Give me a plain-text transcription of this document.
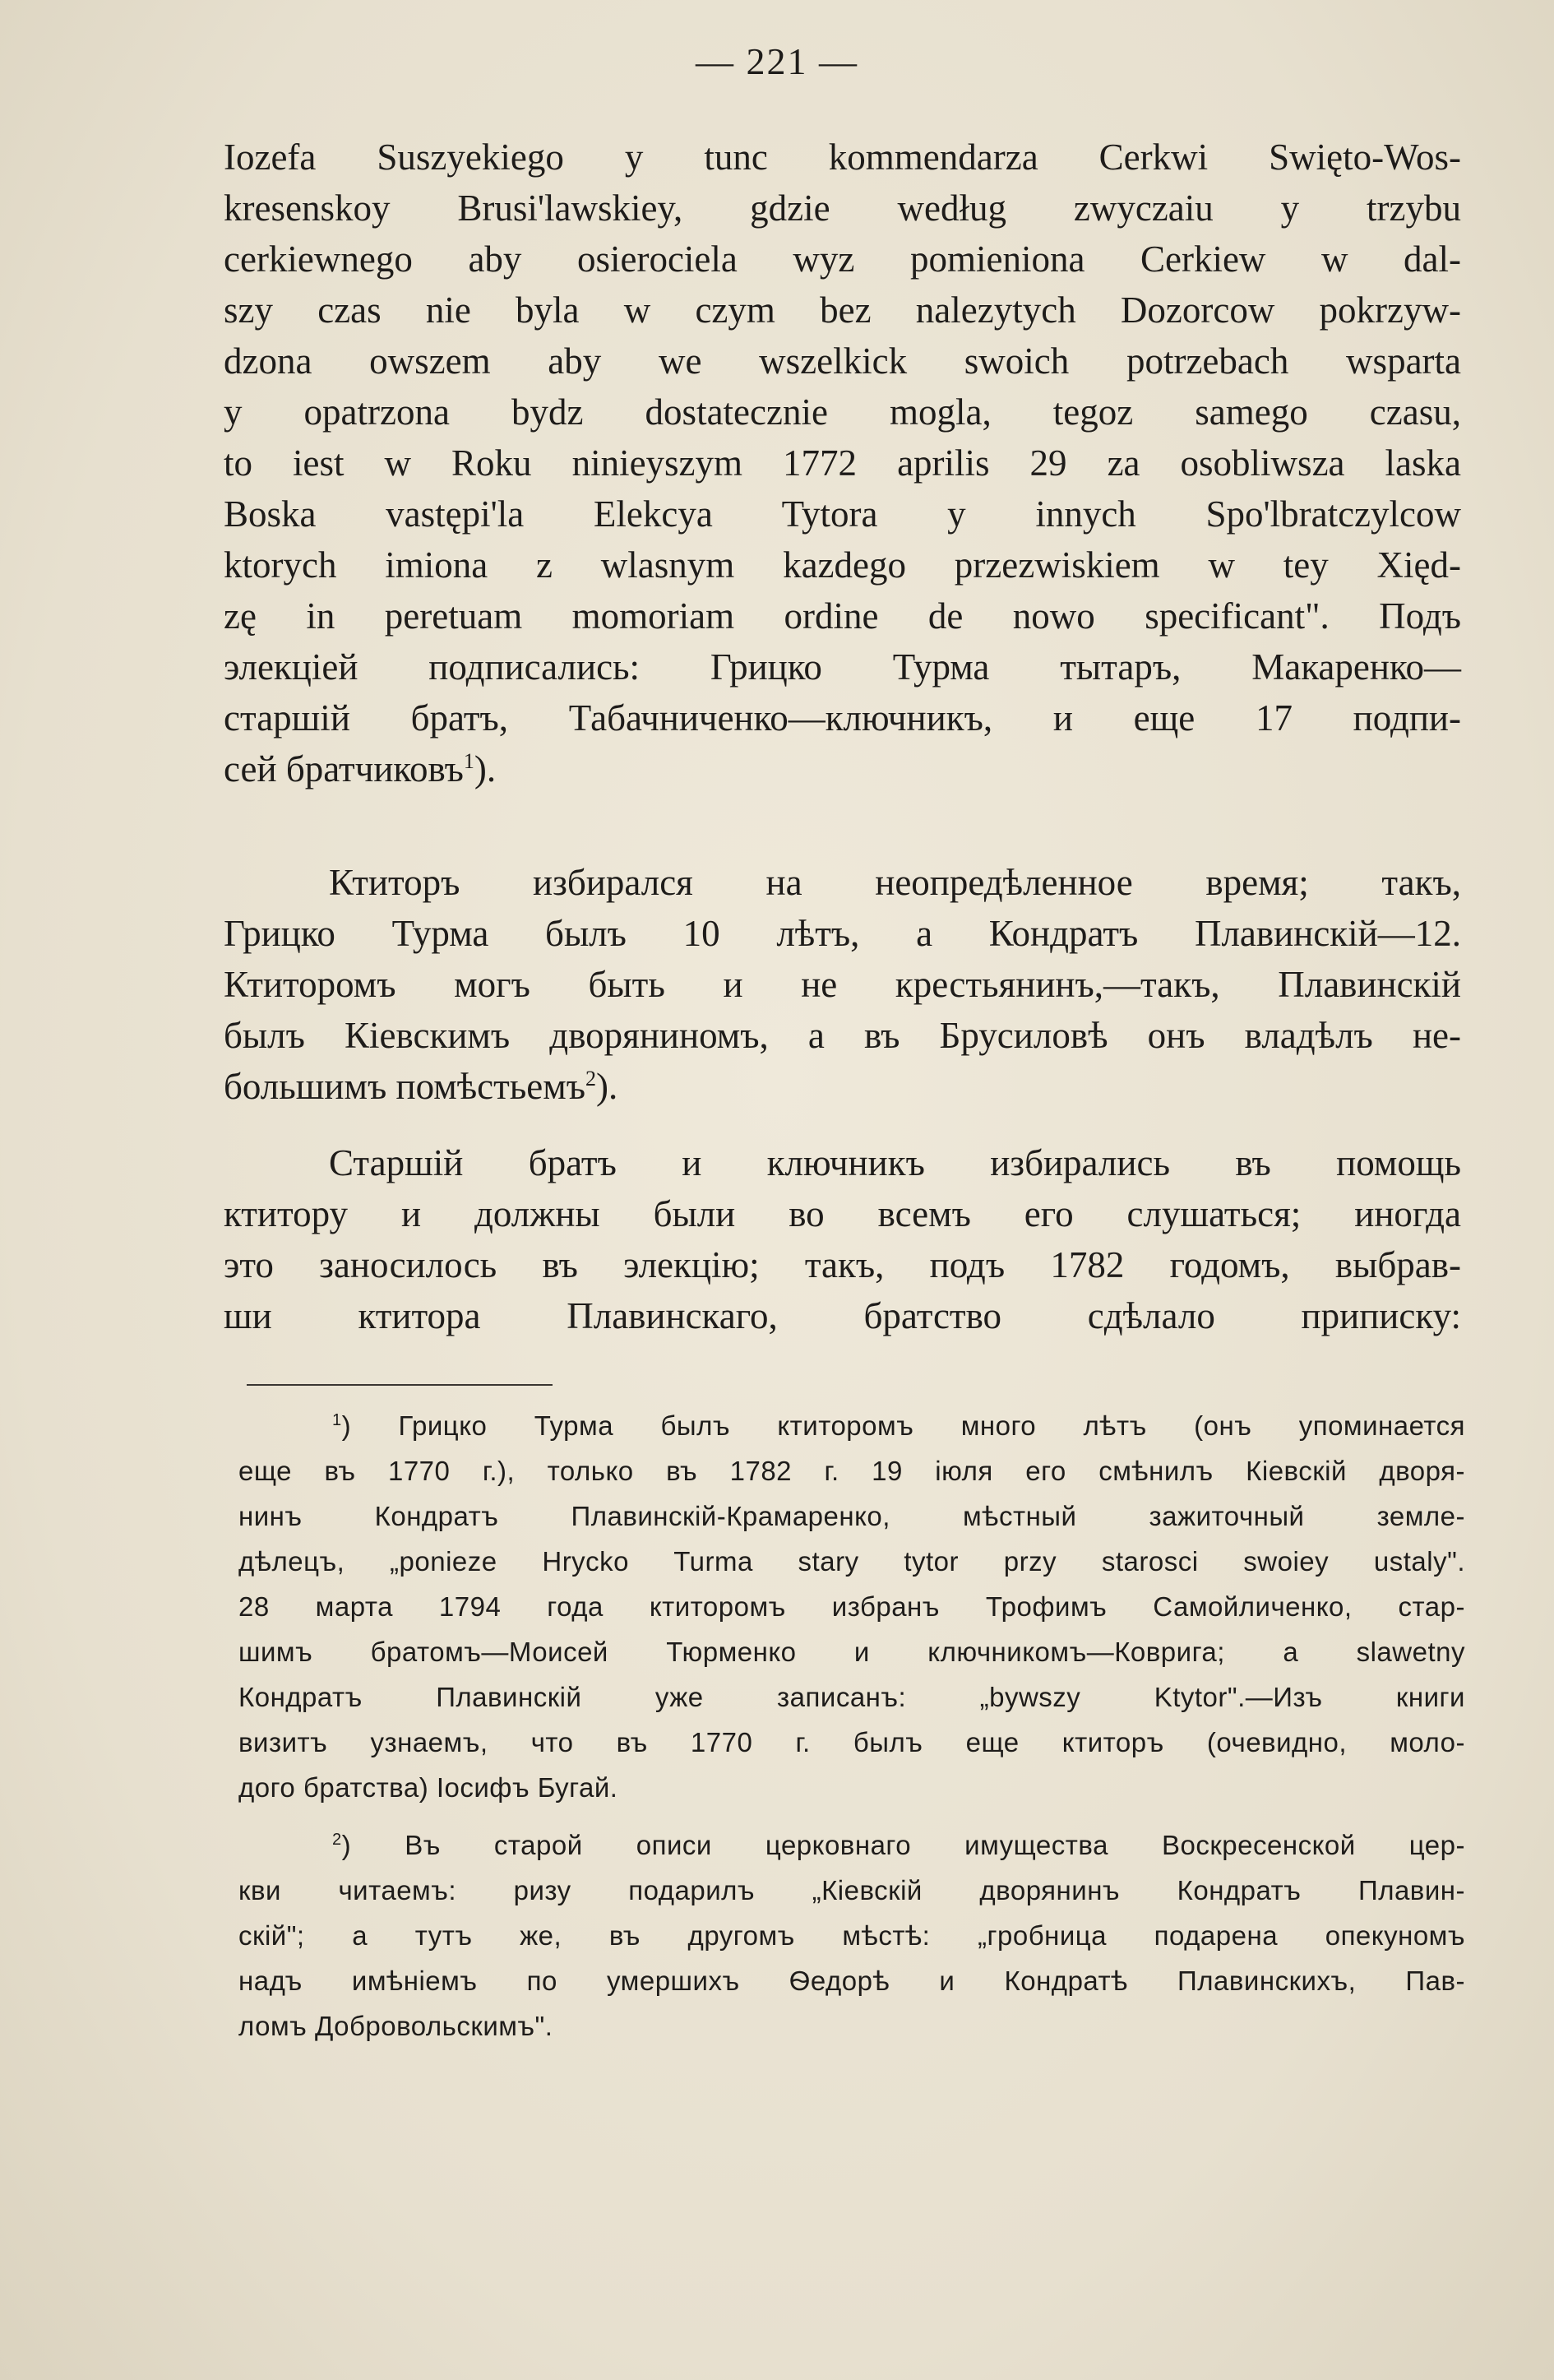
— 221 —

Iozefa Suszyekiego y tunc kommendarza Cerkwi Swięto-Wos-

kresenskoy Brusi'lawskiey, gdzie według zwyczaiu y trzybu

cerkiewnego aby osierociela wyz pomieniona Cerkiew w dal-

szy czas nie byla w czym bez nalezytych Dozorcow pokrzyw-

dzona owszem aby we wszelkick swoich potrzebach wsparta

y opatrzona bydz dostatecznie mogla, tegoz samego czasu,

to iest w Roku ninieyszym 1772 aprilis 29 za osobliwsza laska

Boska vastępi'la Elekcya Tytora y innych Spo'lbratczylcow

ktorych imiona z wlasnym kazdego przezwiskiem w tey Xięd-

zę in peretuam momoriam ordine de nowo specificant". Подъ

элекціей подписались: Грицко Турма тытаръ, Макаренко—

старшій братъ, Табачниченко—ключникъ, и еще 17 подпи-

сей братчиковъ$^1$).

Ктиторъ избирался на неопредѣленное время; такъ,

Грицко Турма былъ 10 лѣтъ, а Кондратъ Плавинскій—12.

Ктиторомъ могъ быть и не крестьянинъ,—такъ, Плавинскій

былъ Кіевскимъ дворяниномъ, а въ Брусиловѣ онъ владѣлъ не-

большимъ помѣстьемъ$^2$).

Старшій братъ и ключникъ избирались въ помощь

ктитору и должны были во всемъ его слушаться; иногда

это заносилось въ элекцію; такъ, подъ 1782 годомъ, выбрав-

ши ктитора Плавинскаго, братство сдѣлало приписку:

$^1$) Грицко Турма былъ ктиторомъ много лѣтъ (онъ упоминается

еще въ 1770 г.), только въ 1782 г. 19 іюля его смѣнилъ Кіевскій дворя-

нинъ Кондратъ Плавинскій-Крамаренко, мѣстный зажиточный земле-

дѣлецъ, „ponieze Hrycko Turma stary tytor przy starosci swoiey ustaly".

28 марта 1794 года ктиторомъ избранъ Трофимъ Самойличенко, стар-

шимъ братомъ—Моисей Тюрменко и ключникомъ—Коврига; а slawetny

Кондратъ Плавинскій уже записанъ: „bywszy Ktytor".—Изъ книги

визитъ узнаемъ, что въ 1770 г. былъ еще ктиторъ (очевидно, моло-

дого братства) Іосифъ Бугай.

$^2$) Въ старой описи церковнаго имущества Воскресенской цер-

кви читаемъ: ризу подарилъ „Кіевскій дворянинъ Кондратъ Плавин-

скій"; а тутъ же, въ другомъ мѣстѣ: „гробница подарена опекуномъ

надъ имѣніемъ по умершихъ Ѳедорѣ и Кондратѣ Плавинскихъ, Пав-

ломъ Добровольскимъ".
